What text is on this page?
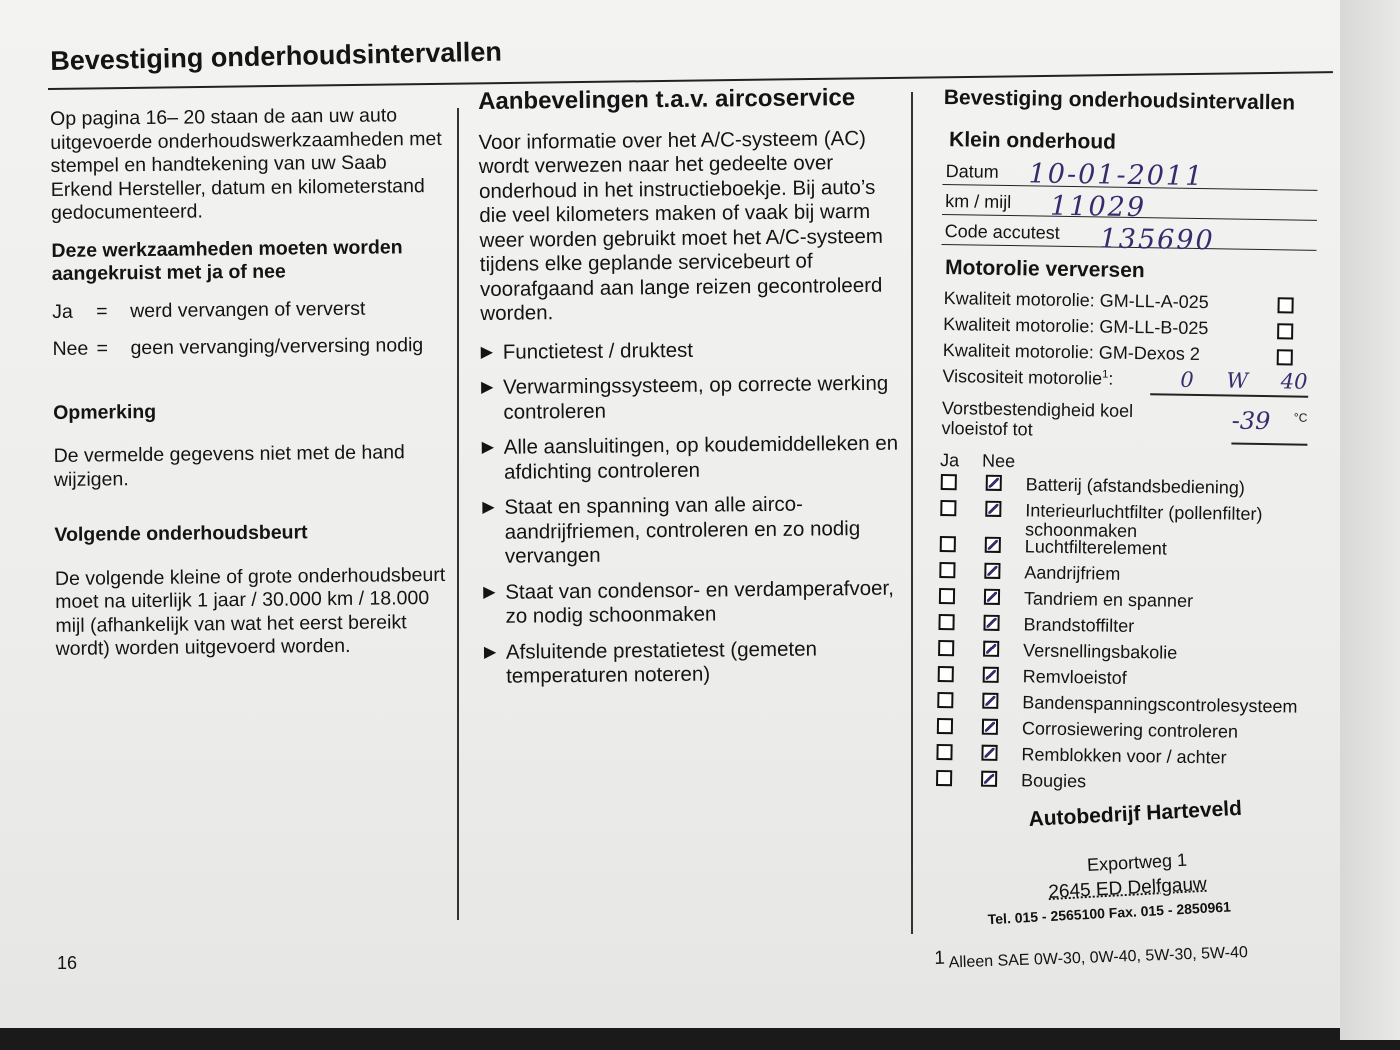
Bevestiging onderhoudsintervallen

Op pagina 16– 20 staan de aan uw auto uitgevoerde onderhoudswerkzaamheden met stempel en handtekening van uw Saab Erkend Hersteller, datum en kilometerstand gedocumenteerd.

Deze werkzaamheden moeten worden aangekruist met ja of nee

Ja	=	werd vervangen of ververst
Nee =	geen vervanging/verversing nodig

Opmerking

De vermelde gegevens niet met de hand wijzigen.

Volgende onderhoudsbeurt

De volgende kleine of grote onderhoudsbeurt moet na uiterlijk 1 jaar / 30.000 km / 18.000 mijl (afhankelijk van wat het eerst bereikt wordt) worden uitgevoerd worden.

Aanbevelingen t.a.v. aircoservice

Voor informatie over het A/C-systeem (AC) wordt verwezen naar het gedeelte over onderhoud in het instructieboekje. Bij auto’s die veel kilometers maken of vaak bij warm weer worden gebruikt moet het A/C-systeem tijdens elke geplande servicebeurt of voorafgaand aan lange reizen gecontroleerd worden.

▶ Functietest / druktest
▶ Verwarmingssysteem, op correcte werking controleren
▶ Alle aansluitingen, op koudemiddelleken en afdichting controleren
▶ Staat en spanning van alle airco-aandrijfriemen, controleren en zo nodig vervangen
▶ Staat van condensor- en verdamperafvoer, zo nodig schoonmaken
▶ Afsluitende prestatietest (gemeten temperaturen noteren)
Bevestiging onderhoudsintervallen
Klein onderhoud
Datum 10-01-2011
km / mijl 11029
Code accutest 135690
Motorolie verversen
Kwaliteit motorolie: GM-LL-A-025
Kwaliteit motorolie: GM-LL-B-025
Kwaliteit motorolie: GM-Dexos 2
Viscositeit motorolie$^1$:	0 W 40
Vorstbestendigheid koel
vloeistof tot	-39 °C
Ja Nee
Batterij (afstandsbediening)
Interieurluchtfilter (pollenfilter) schoonmaken
Luchtfilterelement
Aandrijfriem
Tandriem en spanner
Brandstoffilter
Versnellingsbakolie
Remvloeistof
Bandenspanningscontrolesysteem
Corrosiewering controleren
Remblokken voor / achter
Bougies
Autobedrijf Harteveld
Exportweg 1
2645 ED Delfgauw
Tel. 015 - 2565100 Fax. 015 - 2850961
1 Alleen SAE 0W-30, 0W-40, 5W-30, 5W-40
16
